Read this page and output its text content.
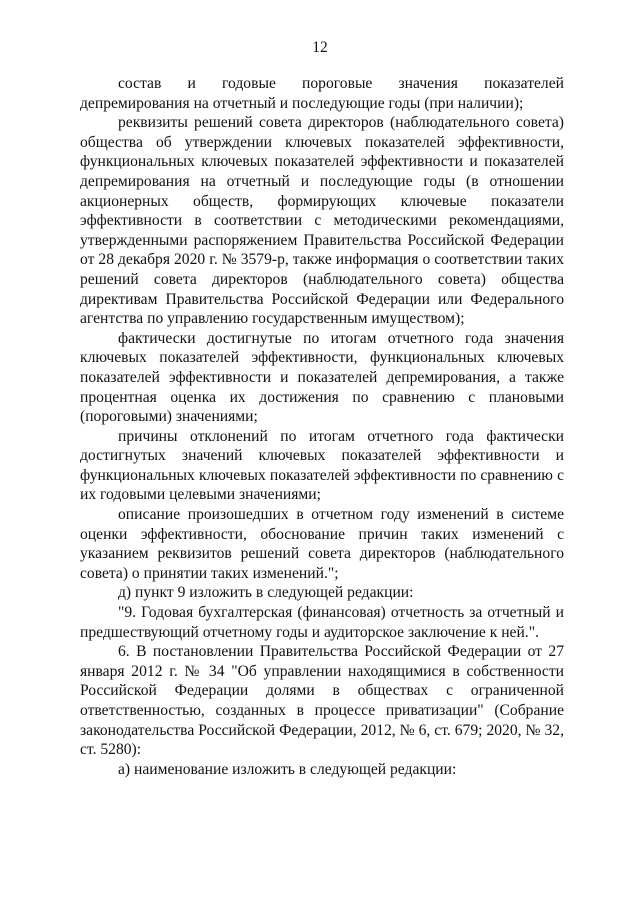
12

состав и годовые пороговые значения показателей депремирования на отчетный и последующие годы (при наличии);

реквизиты решений совета директоров (наблюдательного совета) общества об утверждении ключевых показателей эффективности, функциональных ключевых показателей эффективности и показателей депремирования на отчетный и последующие годы (в отношении акционерных обществ, формирующих ключевые показатели эффективности в соответствии с методическими рекомендациями, утвержденными распоряжением Правительства Российской Федерации от 28 декабря 2020 г. № 3579-р, также информация о соответствии таких решений совета директоров (наблюдательного совета) общества директивам Правительства Российской Федерации или Федерального агентства по управлению государственным имуществом);

фактически достигнутые по итогам отчетного года значения ключевых показателей эффективности, функциональных ключевых показателей эффективности и показателей депремирования, а также процентная оценка их достижения по сравнению с плановыми (пороговыми) значениями;

причины отклонений по итогам отчетного года фактически достигнутых значений ключевых показателей эффективности и функциональных ключевых показателей эффективности по сравнению с их годовыми целевыми значениями;

описание произошедших в отчетном году изменений в системе оценки эффективности, обоснование причин таких изменений с указанием реквизитов решений совета директоров (наблюдательного совета) о принятии таких изменений.";

д) пункт 9 изложить в следующей редакции:

"9. Годовая бухгалтерская (финансовая) отчетность за отчетный и предшествующий отчетному годы и аудиторское заключение к ней.".

6. В постановлении Правительства Российской Федерации от 27 января 2012 г. № 34 "Об управлении находящимися в собственности Российской Федерации долями в обществах с ограниченной ответственностью, созданных в процессе приватизации" (Собрание законодательства Российской Федерации, 2012, № 6, ст. 679; 2020, № 32, ст. 5280):

а) наименование изложить в следующей редакции:
